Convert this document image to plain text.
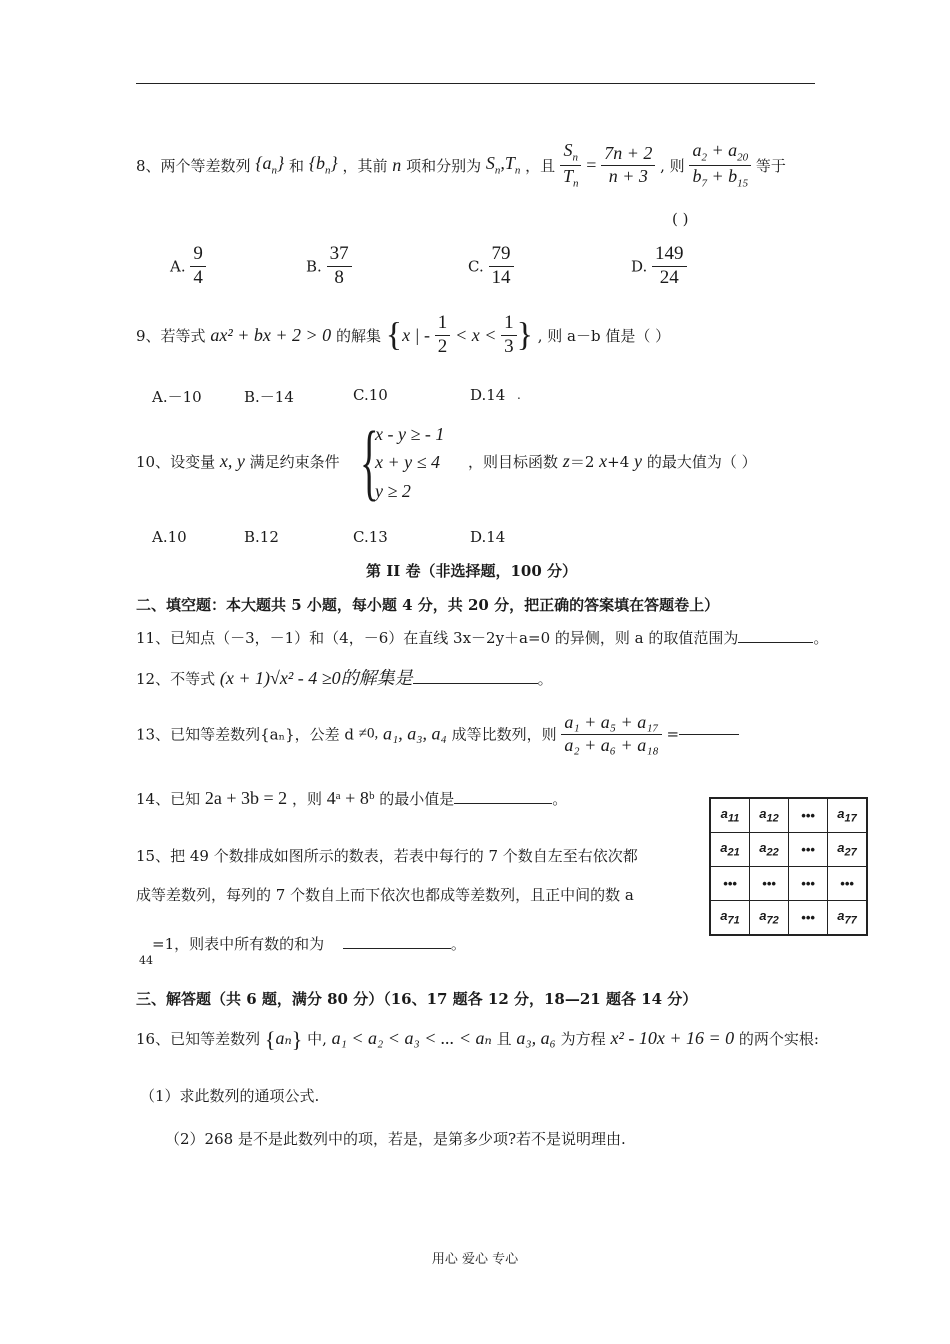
8、两个等差数列 $\{a_n\}$ 和 $\{b_n\}$ ，其前 n 项和分别为 $S_n,T_n$ ，且 $\frac{S_n}{T_n} = \frac{7n + 2}{n + 3}$ , 则 $\frac{a_2 + a_{20}}{b_7 + b_{15}}$ 等于
( )
A. $\frac{9}{4}$	B. $\frac{37}{8}$	C. $\frac{79}{14}$	D. $\frac{149}{24}$
9、若等式 ax² + bx + 2 > 0 的解集 {x | - $\frac{1}{2} < x < \frac{1}{3}$ } , 则 a－b 值是（ ）
A.－10	B.－14	C.10	D.14 .
10、设变量 x, y 满足约束条件 {
x - y ≥ - 1
x + y ≤ 4
y ≥ 2
，则目标函数 z＝2 x+4 y 的最大值为（ ）
A.10	B.12	C.13	D.14
第 II 卷（非选择题，100 分）
二、填空题：本大题共 5 小题，每小题 4 分，共 20 分，把正确的答案填在答题卷上）
11、已知点（－3，－1）和（4，－6）在直线 3x－2y＋a=0 的异侧，则 a 的取值范围为	。
12、不等式 (x + 1)√x² - 4 ≥0的解集是	。
13、已知等差数列{aₙ}，公差 d ≠0, a₁, a₃, a₄ 成等比数列，则 $\frac{\text{a₁ + a₅ + a₁₇}}{\text{a₂ + a₆ + a₁₈}}$ =
14、已知 2a + 3b = 2 ，则 4ᵃ + 8ᵇ 的最小值是	。
15、把 49 个数排成如图所示的数表，若表中每行的 7 个数自左至右依次都
成等差数列，每列的 7 个数自上而下依次也都成等差数列，且正中间的数 a
=1，则表中所有数的和为	。
44
$a_{11}$	$a_{12}$	•••	$a_{17}$
$a_{21}$	$a_{22}$	•••	$a_{27}$
•••	•••	•••	•••
$a_{71}$	$a_{72}$	•••	$a_{77}$
三、解答题（共 6 题，满分 80 分）（16、17 题各 12 分，18—21 题各 14 分）
16、已知等差数列 {aₙ} 中, a₁ < a₂ < a₃ < ... < aₙ 且 a₃, a₆ 为方程 x² - 10x + 16 = 0 的两个实根:
（1）求此数列的通项公式.
（2）268 是不是此数列中的项，若是，是第多少项?若不是说明理由.
用心 爱心 专心
